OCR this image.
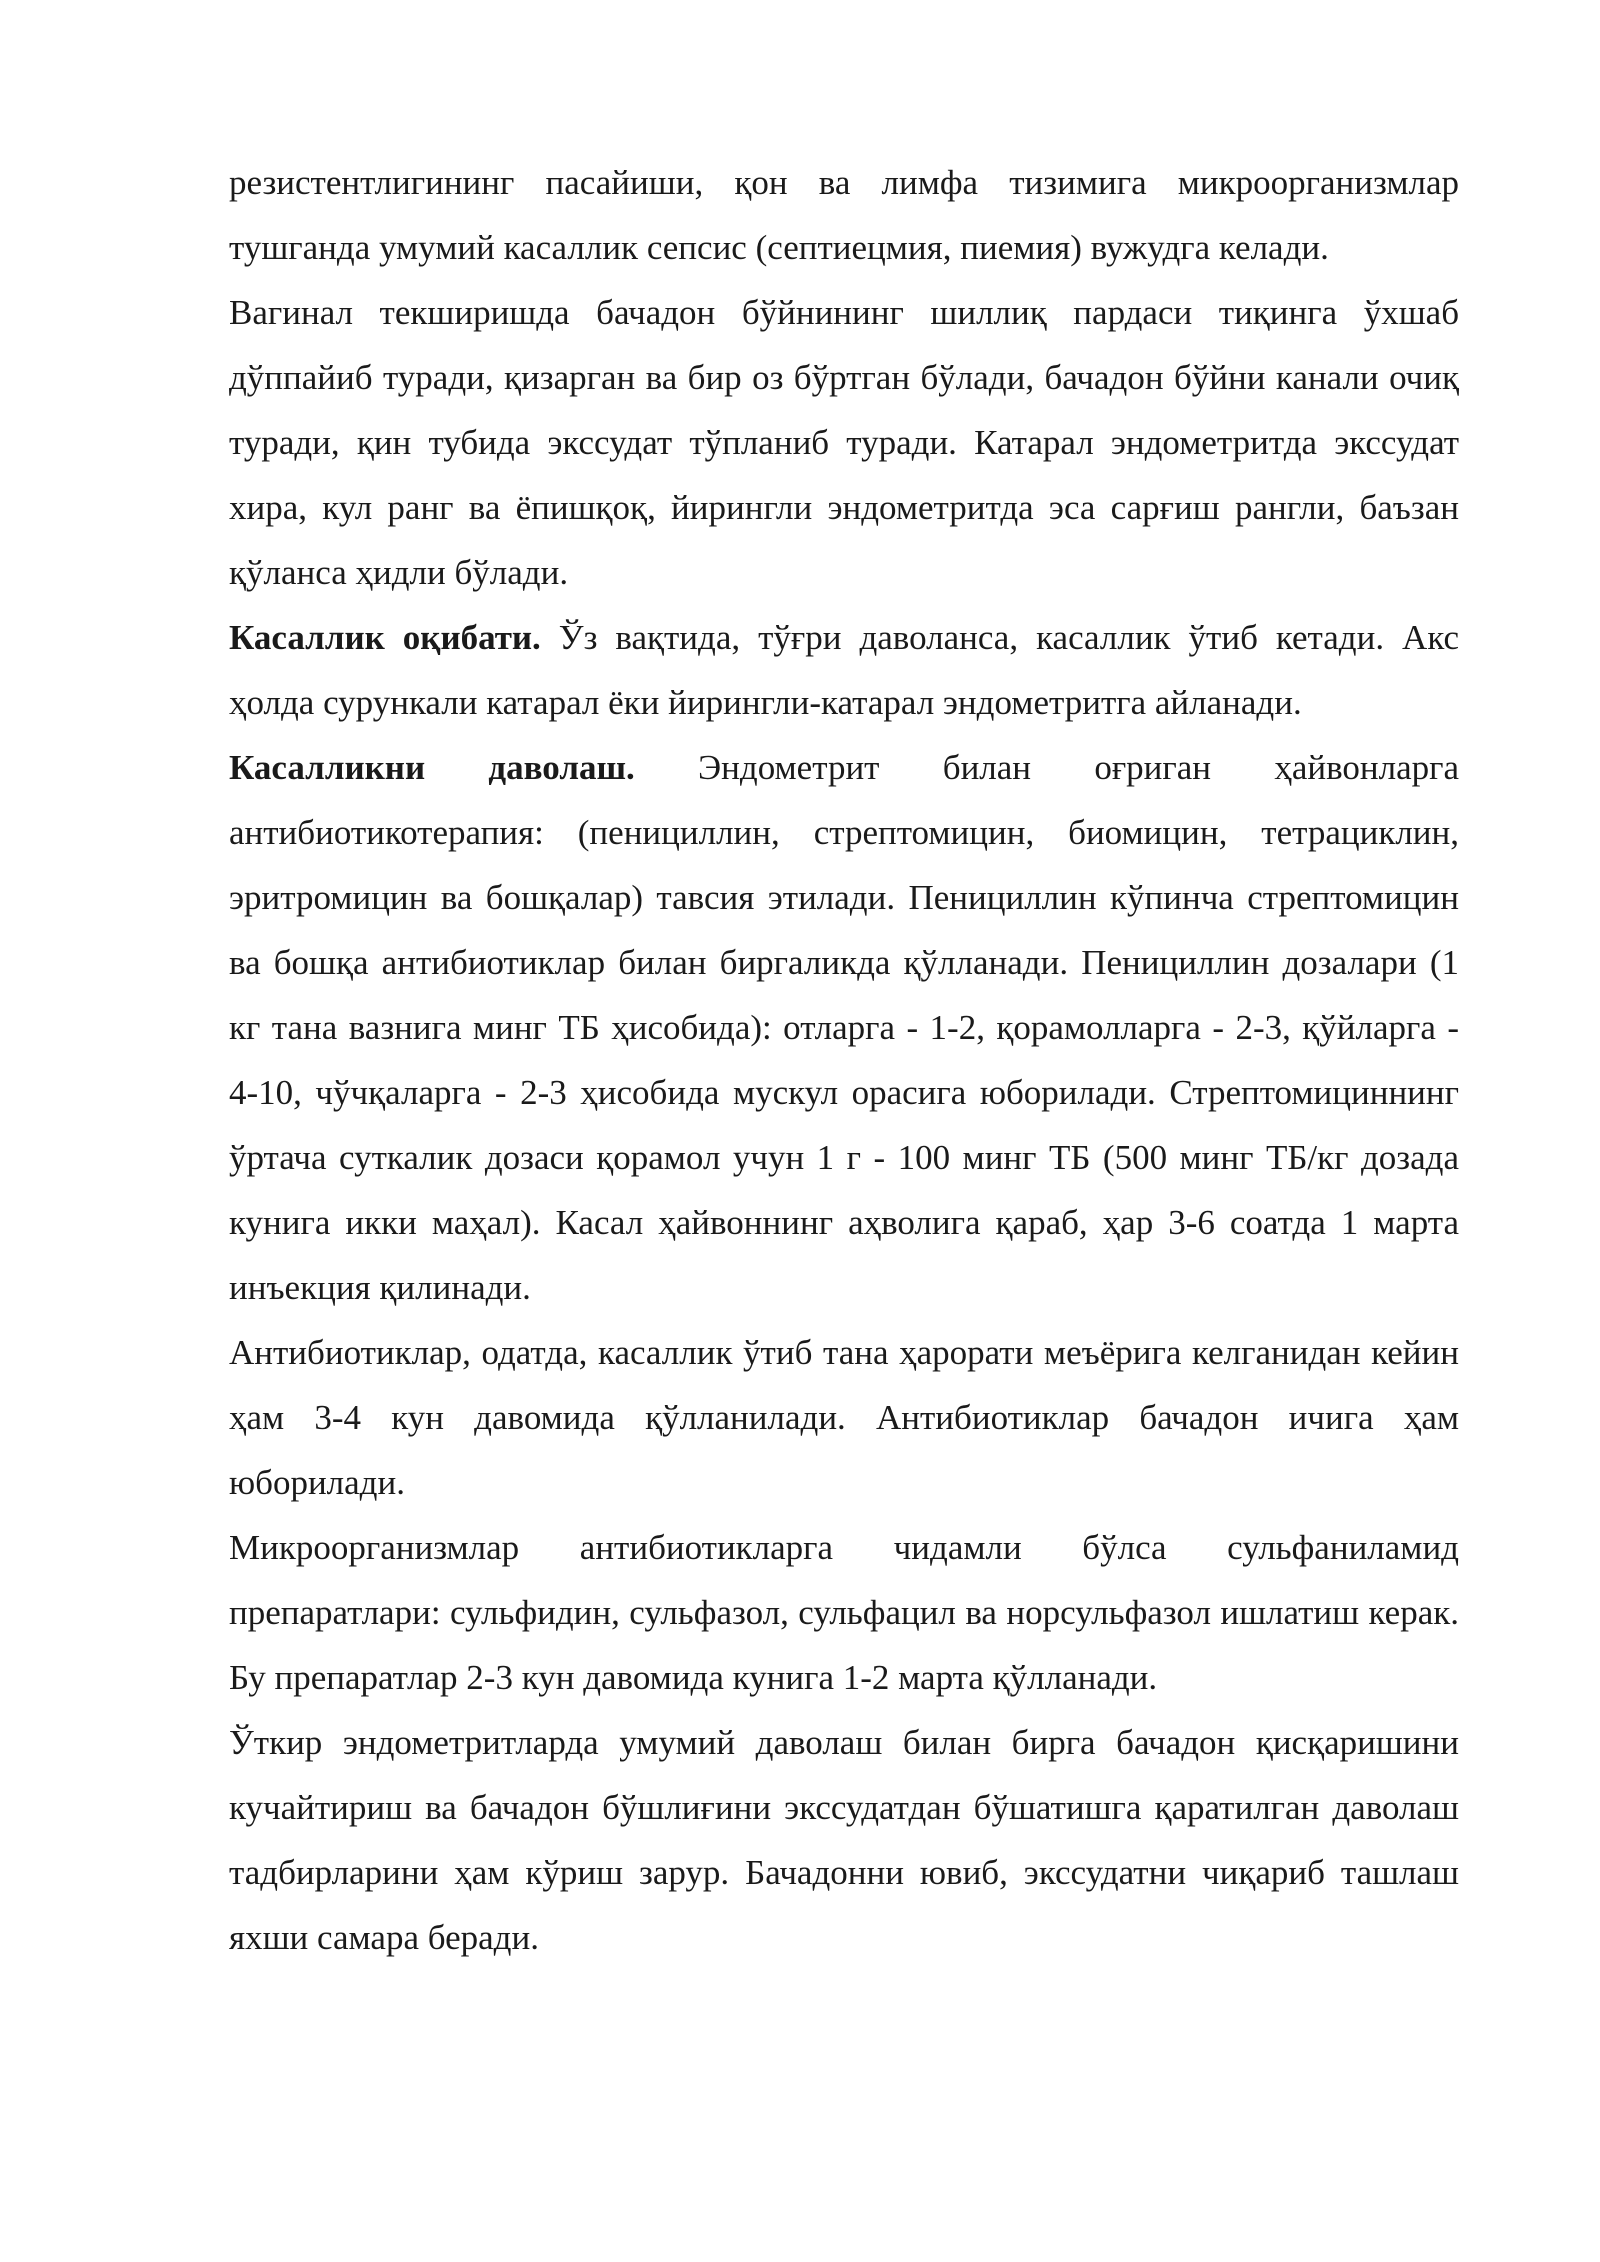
резистентлигининг пасайиши, қон ва лимфа тизимига микроорганизмлар тушганда умумий касаллик сепсис (септиецмия, пиемия) вужудга келади.

Вагинал текширишда бачадон бўйнининг шиллиқ пардаси тиқинга ўхшаб дўппайиб туради, қизарган ва бир оз бўртган бўлади, бачадон бўйни канали очиқ туради, қин тубида экссудат тўпланиб туради. Катарал эндометритда экссудат хира, кул ранг ва ёпишқоқ, йирингли эндометритда эса сарғиш рангли, баъзан қўланса ҳидли бўлади.

Касаллик оқибати. Ўз вақтида, тўғри даволанса, касаллик ўтиб кетади. Акс ҳолда сурункали катарал ёки йирингли-катарал эндометритга айланади.

Касалликни даволаш. Эндометрит билан оғриган ҳайвонларга антибиотикотерапия: (пенициллин, стрептомицин, биомицин, тетрациклин, эритромицин ва бошқалар) тавсия этилади. Пенициллин кўпинча стрептомицин ва бошқа антибиотиклар билан биргаликда қўлланади. Пенициллин дозалари (1 кг тана вазнига минг ТБ ҳисобида): отларга - 1-2, қорамолларга - 2-3, қўйларга - 4-10, чўчқаларга - 2-3 ҳисобида мускул орасига юборилади. Стрептомициннинг ўртача суткалик дозаси қорамол учун 1 г - 100 минг ТБ (500 минг ТБ/кг дозада кунига икки маҳал). Касал ҳайвоннинг аҳволига қараб, ҳар 3-6 соатда 1 марта инъекция қилинади.

Антибиотиклар, одатда, касаллик ўтиб тана ҳарорати меъёрига келганидан кейин ҳам 3-4 кун давомида қўлланилади. Антибиотиклар бачадон ичига ҳам юборилади.

Микроорганизмлар антибиотикларга чидамли бўлса сульфаниламид препаратлари: сульфидин, сульфазол, сульфацил ва норсульфазол ишлатиш керак. Бу препаратлар 2-3 кун давомида кунига 1-2 марта қўлланади.

Ўткир эндометритларда умумий даволаш билан бирга бачадон қисқаришини кучайтириш ва бачадон бўшлиғини экссудатдан бўшатишга қаратилган даволаш тадбирларини ҳам кўриш зарур. Бачадонни ювиб, экссудатни чиқариб ташлаш яхши самара беради.
